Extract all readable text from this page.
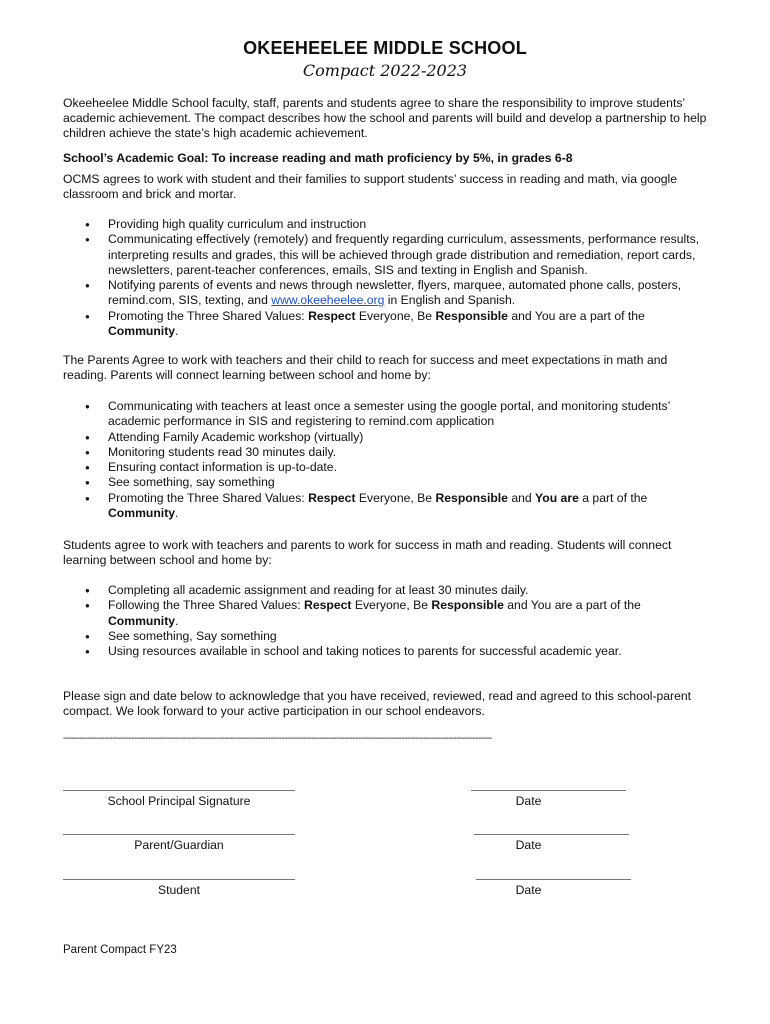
OKEEHEELEE MIDDLE SCHOOL
Compact 2022-2023
Okeeheelee Middle School faculty, staff, parents and students agree to share the responsibility to improve students’ academic achievement. The compact describes how the school and parents will build and develop a partnership to help children achieve the state’s high academic achievement.
School’s Academic Goal: To increase reading and math proficiency by 5%, in grades 6-8
OCMS agrees to work with student and their families to support students’ success in reading and math, via google classroom and brick and mortar.
● Providing high quality curriculum and instruction
● Communicating effectively (remotely) and frequently regarding curriculum, assessments, performance results, interpreting results and grades, this will be achieved through grade distribution and remediation, report cards, newsletters, parent-teacher conferences, emails, SIS and texting in English and Spanish.
● Notifying parents of events and news through newsletter, flyers, marquee, automated phone calls, posters, remind.com, SIS, texting, and www.okeeheelee.org in English and Spanish.
● Promoting the Three Shared Values: Respect Everyone, Be Responsible and You are a part of the Community.
The Parents Agree to work with teachers and their child to reach for success and meet expectations in math and reading. Parents will connect learning between school and home by:
● Communicating with teachers at least once a semester using the google portal, and monitoring students’ academic performance in SIS and registering to remind.com application
● Attending Family Academic workshop (virtually)
● Monitoring students read 30 minutes daily.
● Ensuring contact information is up-to-date.
● See something, say something
● Promoting the Three Shared Values: Respect Everyone, Be Responsible and You are a part of the Community.
Students agree to work with teachers and parents to work for success in math and reading. Students will connect learning between school and home by:
● Completing all academic assignment and reading for at least 30 minutes daily.
● Following the Three Shared Values: Respect Everyone, Be Responsible and You are a part of the Community.
● See something, Say something
● Using resources available in school and taking notices to parents for successful academic year.
Please sign and date below to acknowledge that you have received, reviewed, read and agreed to this school-parent compact. We look forward to your active participation in our school endeavors.
-------------------------------------------------------------------------------------------------------------------------------------------------------------
School Principal Signature	Date
Parent/Guardian	Date
Student	Date
Parent Compact FY23
